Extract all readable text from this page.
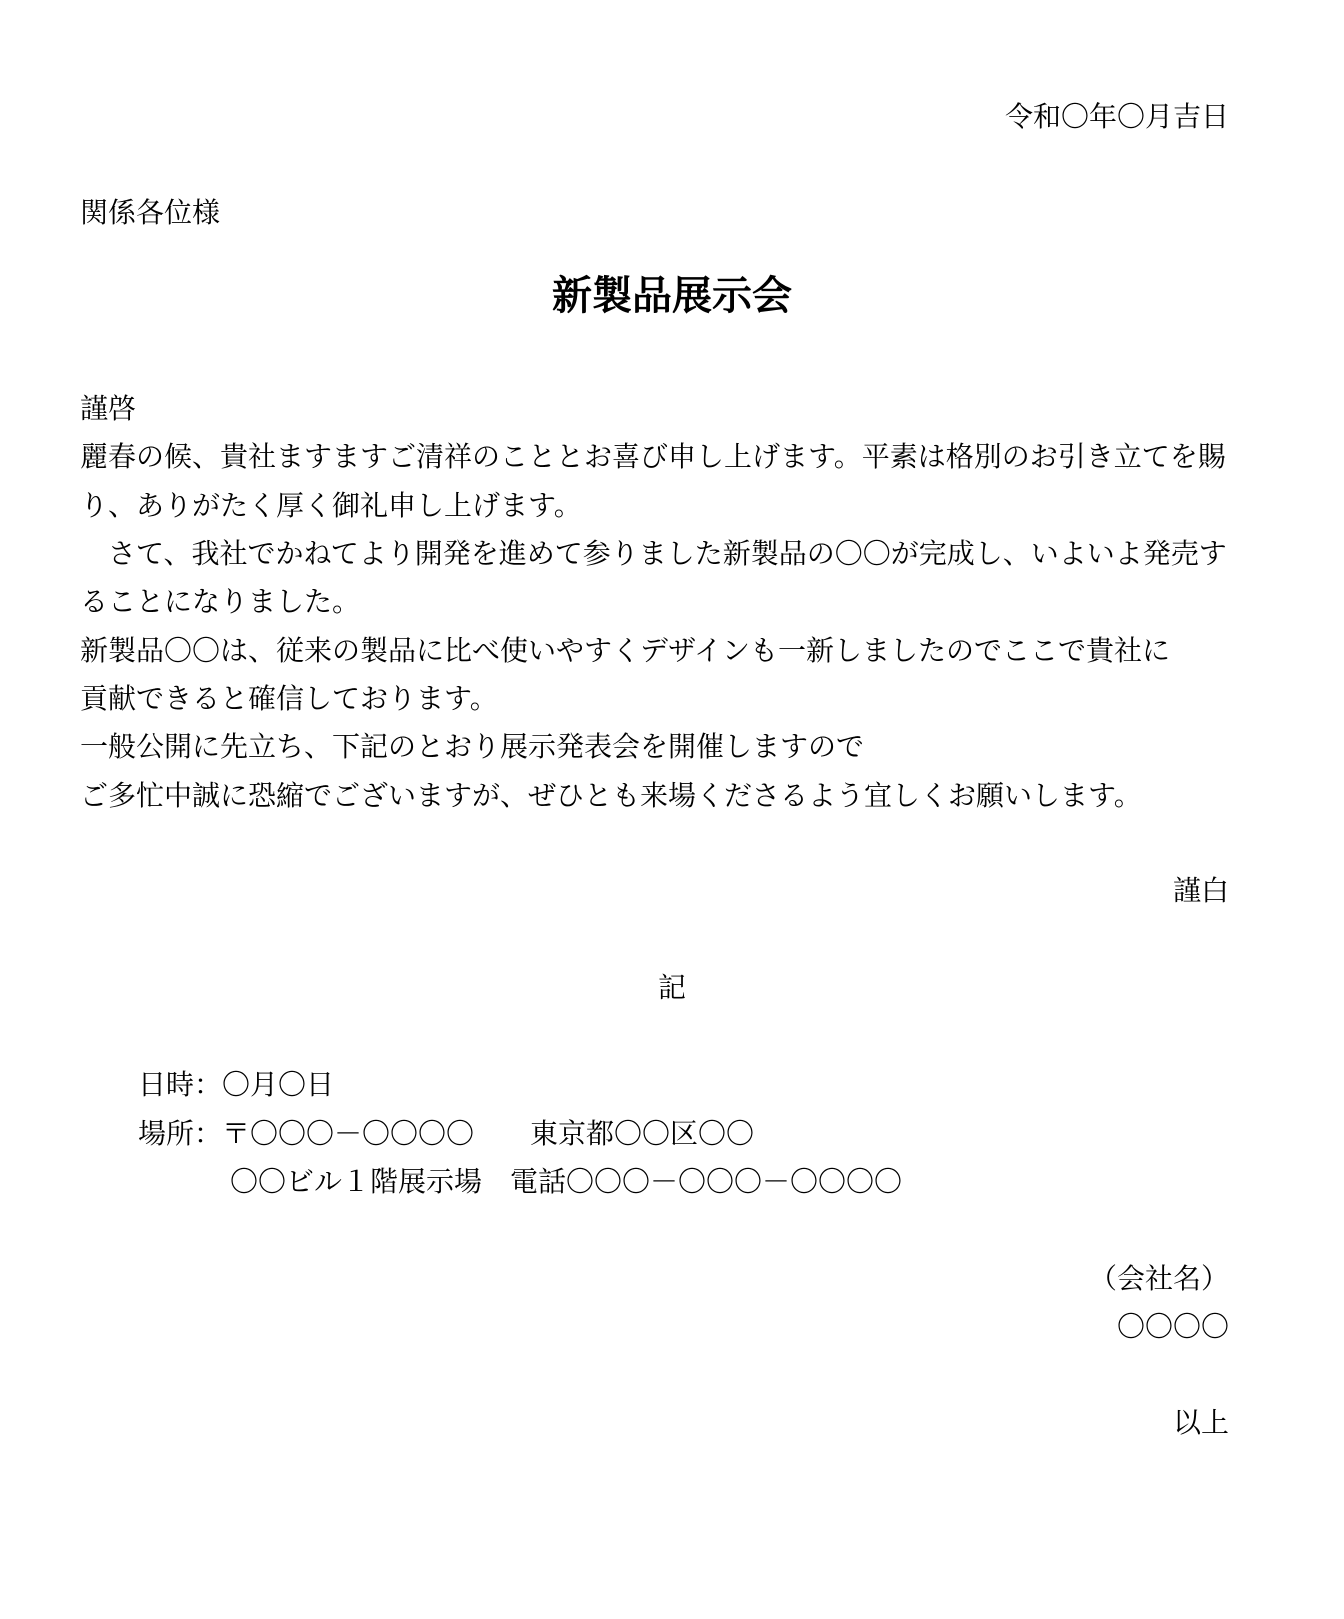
令和〇年〇月吉日
関係各位様
新製品展示会
謹啓
麗春の候、貴社ますますご清祥のこととお喜び申し上げます。平素は格別のお引き立てを賜
り、ありがたく厚く御礼申し上げます。
　さて、我社でかねてより開発を進めて参りました新製品の〇〇が完成し、いよいよ発売す
ることになりました。
新製品〇〇は、従来の製品に比べ使いやすくデザインも一新しましたのでここで貴社に
貢献できると確信しております。
一般公開に先立ち、下記のとおり展示発表会を開催しますので
ご多忙中誠に恐縮でございますが、ぜひとも来場くださるよう宜しくお願いします。
謹白
記
日時：〇月〇日
場所：〒〇〇〇－〇〇〇〇　　東京都〇〇区〇〇
〇〇ビル１階展示場　電話〇〇〇－〇〇〇－〇〇〇〇
（会社名）
〇〇〇〇
以上
